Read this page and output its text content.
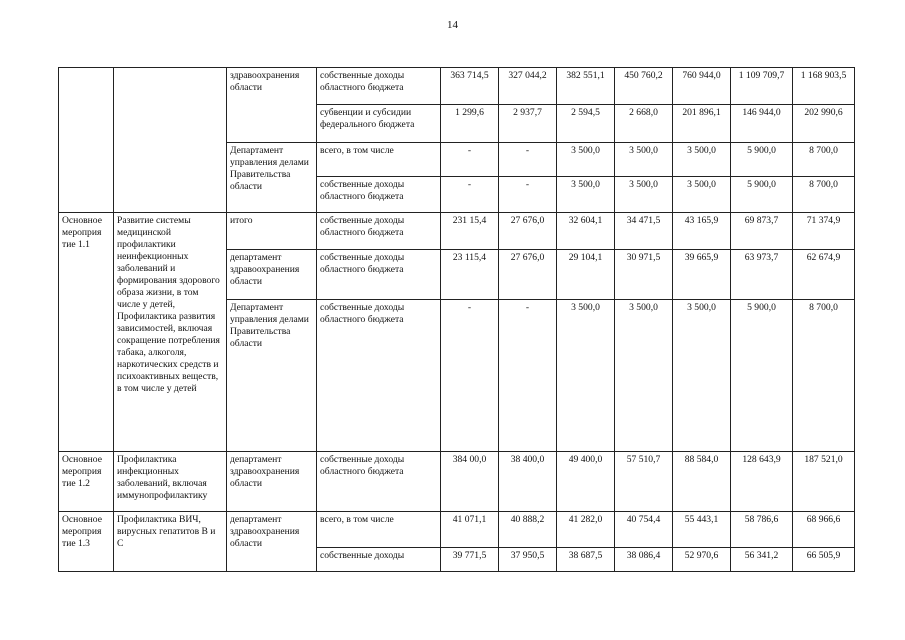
14
		здравоохранения области	собственные доходы областного бюджета	363 714,5	327 044,2	382 551,1	450 760,2	760 944,0	1 109 709,7	1 168 903,5
			субвенции и субсидии федерального бюджета	1 299,6	2 937,7	2 594,5	2 668,0	201 896,1	146 944,0	202 990,6
		Департамент управления делами Правительства области	всего, в том числе	-	-	3 500,0	3 500,0	3 500,0	5 900,0	8 700,0
			собственные доходы областного бюджета	-	-	3 500,0	3 500,0	3 500,0	5 900,0	8 700,0
Основное мероприя тие 1.1	Развитие системы медицинской профилактики неинфекционных заболеваний и формирования здорового образа жизни, в том числе у детей, Профилактика развития зависимостей, включая сокращение потребления табака, алкоголя, наркотических средств и психоактивных веществ, в том числе у детей	итого	собственные доходы областного бюджета	231 15,4	27 676,0	32 604,1	34 471,5	43 165,9	69 873,7	71 374,9
		департамент здравоохранения области	собственные доходы областного бюджета	23 115,4	27 676,0	29 104,1	30 971,5	39 665,9	63 973,7	62 674,9
		Департамент управления делами Правительства области	собственные доходы областного бюджета	-	-	3 500,0	3 500,0	3 500,0	5 900,0	8 700,0
Основное мероприя тие 1.2	Профилактика инфекционных заболеваний, включая иммунопрофилактику	департамент здравоохранения области	собственные доходы областного бюджета	384 00,0	38 400,0	49 400,0	57 510,7	88 584,0	128 643,9	187 521,0
Основное мероприя тие 1.3	Профилактика ВИЧ, вирусных гепатитов В и С	департамент здравоохранения области	всего, в том числе	41 071,1	40 888,2	41 282,0	40 754,4	55 443,1	58 786,6	68 966,6
			собственные доходы	39 771,5	37 950,5	38 687,5	38 086,4	52 970,6	56 341,2	66 505,9
